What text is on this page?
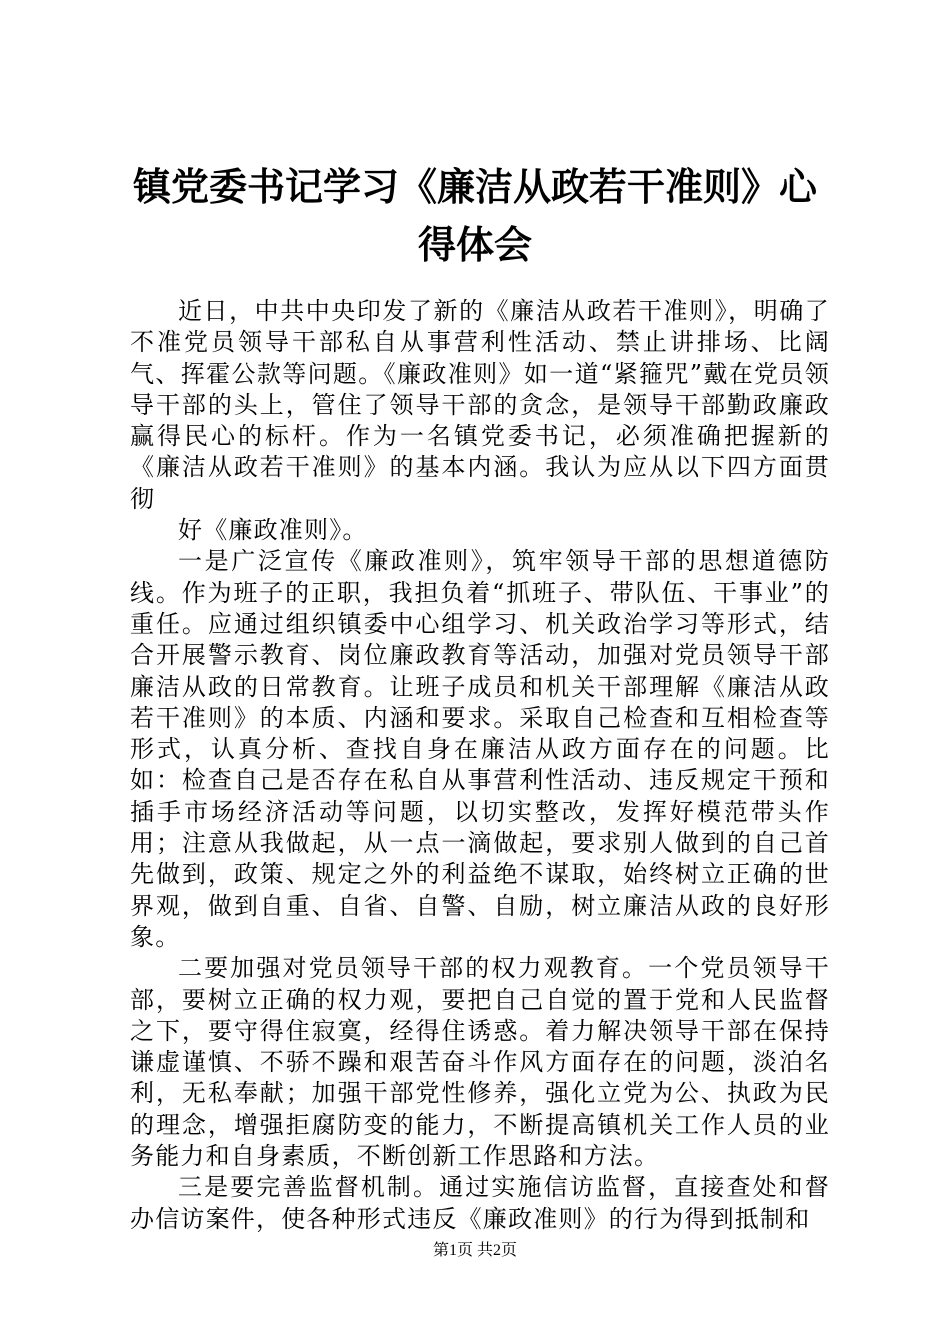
镇党委书记学习《廉洁从政若干准则》心得体会

近日，中共中央印发了新的《廉洁从政若干准则》，明确了不准党员领导干部私自从事营利性活动、禁止讲排场、比阔气、挥霍公款等问题。《廉政准则》如一道“紧箍咒”戴在党员领导干部的头上，管住了领导干部的贪念，是领导干部勤政廉政赢得民心的标杆。作为一名镇党委书记，必须准确把握新的《廉洁从政若干准则》的基本内涵。我认为应从以下四方面贯彻

好《廉政准则》。

一是广泛宣传《廉政准则》，筑牢领导干部的思想道德防线。作为班子的正职，我担负着“抓班子、带队伍、干事业”的重任。应通过组织镇委中心组学习、机关政治学习等形式，结合开展警示教育、岗位廉政教育等活动，加强对党员领导干部廉洁从政的日常教育。让班子成员和机关干部理解《廉洁从政若干准则》的本质、内涵和要求。采取自己检查和互相检查等形式，认真分析、查找自身在廉洁从政方面存在的问题。比如：检查自己是否存在私自从事营利性活动、违反规定干预和插手市场经济活动等问题，以切实整改，发挥好模范带头作用；注意从我做起，从一点一滴做起，要求别人做到的自己首先做到，政策、规定之外的利益绝不谋取，始终树立正确的世界观，做到自重、自省、自警、自励，树立廉洁从政的良好形象。

二要加强对党员领导干部的权力观教育。一个党员领导干部，要树立正确的权力观，要把自己自觉的置于党和人民监督之下，要守得住寂寞，经得住诱惑。着力解决领导干部在保持谦虚谨慎、不骄不躁和艰苦奋斗作风方面存在的问题，淡泊名利，无私奉献；加强干部党性修养，强化立党为公、执政为民的理念，增强拒腐防变的能力，不断提高镇机关工作人员的业务能力和自身素质，不断创新工作思路和方法。

三是要完善监督机制。通过实施信访监督，直接查处和督办信访案件，使各种形式违反《廉政准则》的行为得到抵制和

第1页 共2页
